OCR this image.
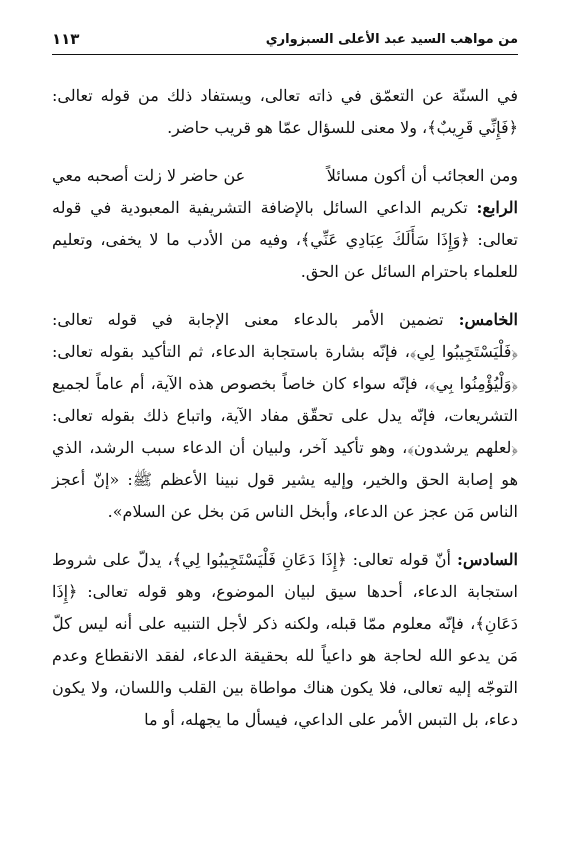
من مواهب السيد عبد الأعلى السبزواري
١١٣

في السنّة عن التعمّق في ذاته تعالى، ويستفاد ذلك من قوله تعالى: ﴿فَإِنِّي قَرِيبٌ﴾، ولا معنى للسؤال عمّا هو قريب حاضر.

ومن العجائب أن أكون مسائلاً
عن حاضر لا زلت أصحبه معي
الرابع: تكريم الداعي السائل بالإضافة التشريفية المعبودية في قوله تعالى: ﴿وَإِذَا سَأَلَكَ عِبَادِي عَنِّي﴾، وفيه من الأدب ما لا يخفى، وتعليم للعلماء باحترام السائل عن الحق.

الخامس: تضمين الأمر بالدعاء معنى الإجابة في قوله تعالى: ﴿فَلْيَسْتَجِيبُوا لِي﴾، فإنّه بشارة باستجابة الدعاء، ثم التأكيد بقوله تعالى: ﴿وَلْيُؤْمِنُوا بِي﴾، فإنّه سواء كان خاصاً بخصوص هذه الآية، أم عاماً لجميع التشريعات، فإنّه يدل على تحقّق مفاد الآية، واتباع ذلك بقوله تعالى: ﴿لعلهم يرشدون﴾، وهو تأكيد آخر، ولبيان أن الدعاء سبب الرشد، الذي هو إصابة الحق والخير، وإليه يشير قول نبينا الأعظم ﷺ: «إنّ أعجز الناس مَن عجز عن الدعاء، وأبخل الناس مَن بخل عن السلام».

السادس: أنّ قوله تعالى: ﴿إِذَا دَعَانِ فَلْيَسْتَجِيبُوا لِي﴾، يدلّ على شروط استجابة الدعاء، أحدها سيق لبيان الموضوع، وهو قوله تعالى: ﴿إِذَا دَعَانِ﴾، فإنّه معلوم ممّا قبله، ولكنه ذكر لأجل التنبيه على أنه ليس كلّ مَن يدعو الله لحاجة هو داعياً لله بحقيقة الدعاء، لفقد الانقطاع وعدم التوجّه إليه تعالى، فلا يكون هناك مواطاة بين القلب واللسان، ولا يكون دعاء، بل التبس الأمر على الداعي، فيسأل ما يجهله، أو ما
